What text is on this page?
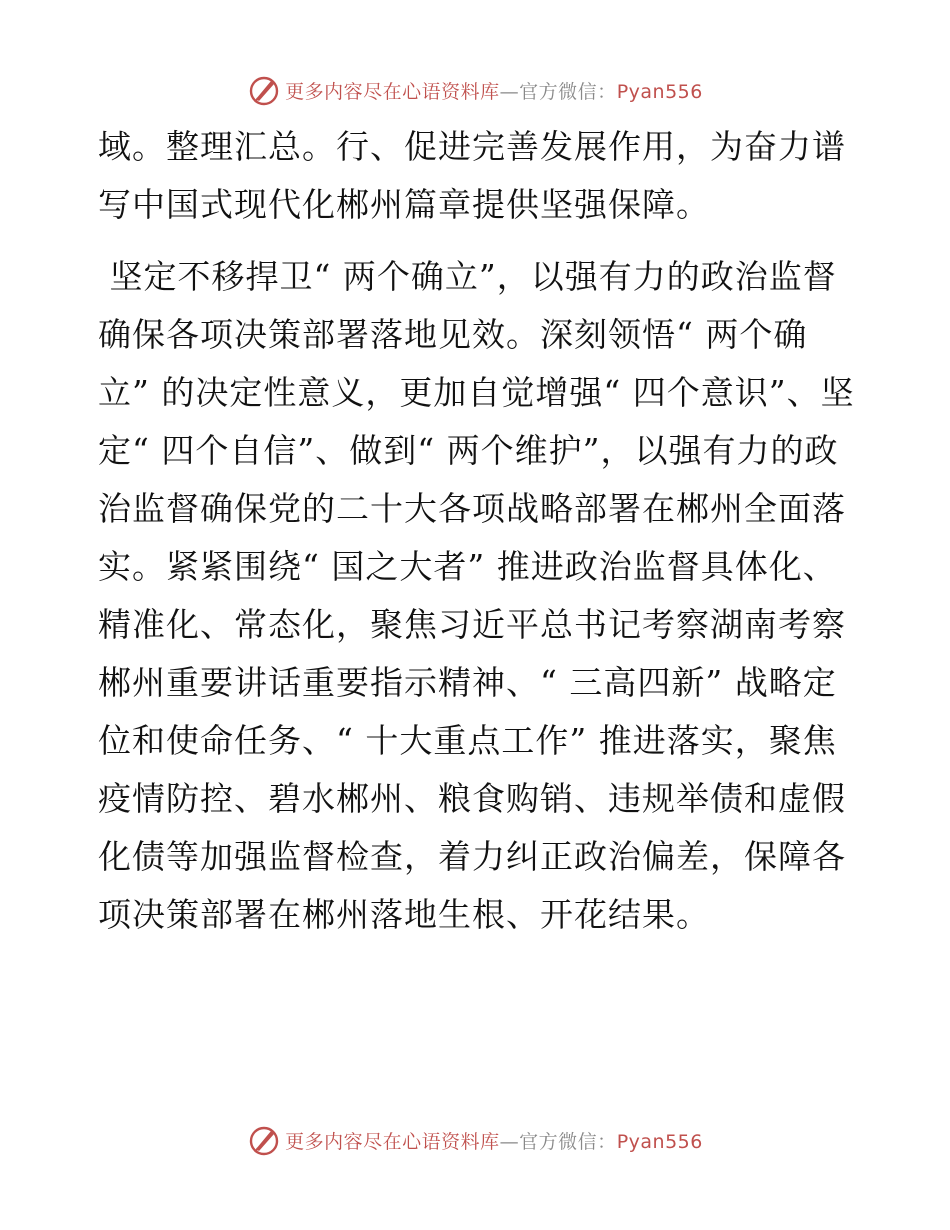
更多内容尽在心语资料库—官方微信：Pyan556

域。整理汇总。行、促进完善发展作用，为奋力谱写中国式现代化郴州篇章提供坚强保障。

坚定不移捍卫“ 两个确立”，以强有力的政治监督确保各项决策部署落地见效。深刻领悟“ 两个确立” 的决定性意义，更加自觉增强“ 四个意识”、坚定“ 四个自信”、做到“ 两个维护”，以强有力的政治监督确保党的二十大各项战略部署在郴州全面落实。紧紧围绕“ 国之大者” 推进政治监督具体化、精准化、常态化，聚焦习近平总书记考察湖南考察郴州重要讲话重要指示精神、“ 三高四新” 战略定位和使命任务、“ 十大重点工作” 推进落实，聚焦疫情防控、碧水郴州、粮食购销、违规举债和虚假化债等加强监督检查，着力纠正政治偏差，保障各项决策部署在郴州落地生根、开花结果。

更多内容尽在心语资料库—官方微信：Pyan556
